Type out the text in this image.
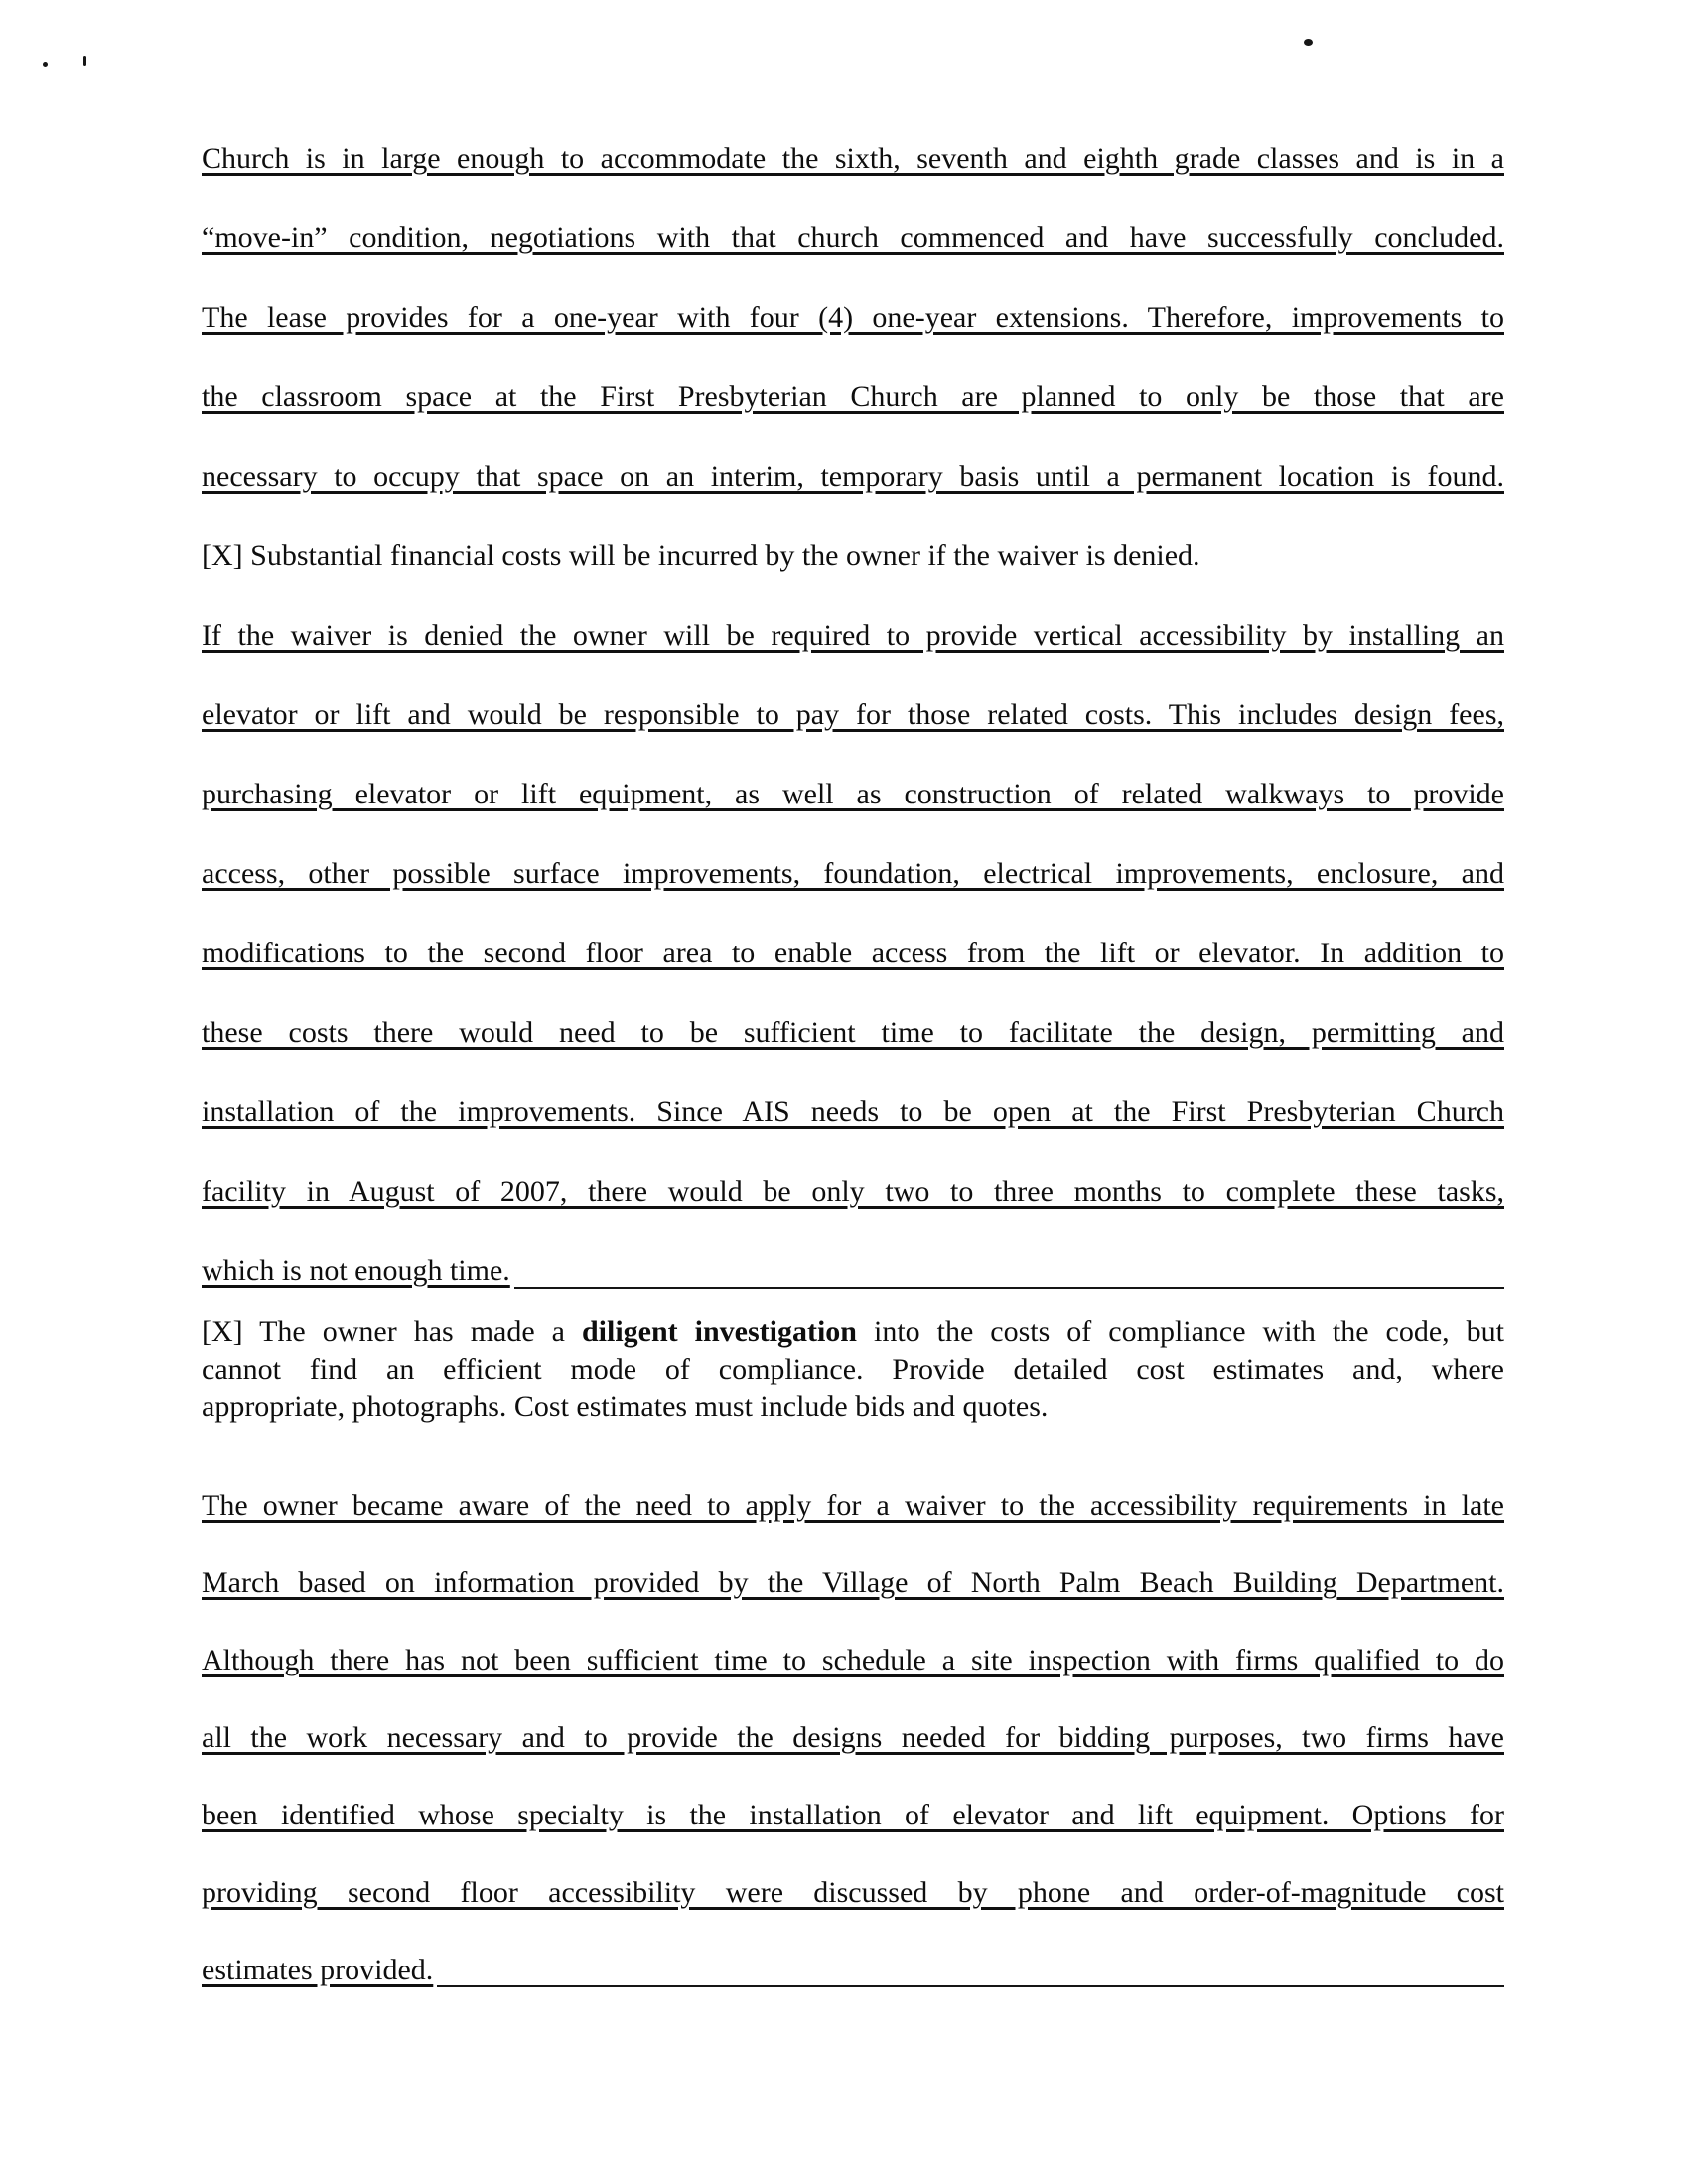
Church is in large enough to accommodate the sixth, seventh and eighth grade classes and is in a
“move-in” condition, negotiations with that church commenced and have successfully concluded.
The lease provides for a one-year with four (4) one-year extensions. Therefore, improvements to
the classroom space at the First Presbyterian Church are planned to only be those that are
necessary to occupy that space on an interim, temporary basis until a permanent location is found.
[X] Substantial financial costs will be incurred by the owner if the waiver is denied.
If the waiver is denied the owner will be required to provide vertical accessibility by installing an
elevator or lift and would be responsible to pay for those related costs. This includes design fees,
purchasing elevator or lift equipment, as well as construction of related walkways to provide
access, other possible surface improvements, foundation, electrical improvements, enclosure, and
modifications to the second floor area to enable access from the lift or elevator. In addition to
these costs there would need to be sufficient time to facilitate the design, permitting and
installation of the improvements. Since AIS needs to be open at the First Presbyterian Church
facility in August of 2007, there would be only two to three months to complete these tasks,
which is not enough time.
[X] The owner has made a diligent investigation into the costs of compliance with the code, but
cannot find an efficient mode of compliance. Provide detailed cost estimates and, where
appropriate, photographs. Cost estimates must include bids and quotes.
The owner became aware of the need to apply for a waiver to the accessibility requirements in late
March based on information provided by the Village of North Palm Beach Building Department.
Although there has not been sufficient time to schedule a site inspection with firms qualified to do
all the work necessary and to provide the designs needed for bidding purposes, two firms have
been identified whose specialty is the installation of elevator and lift equipment. Options for
providing second floor accessibility were discussed by phone and order-of-magnitude cost
estimates provided.
